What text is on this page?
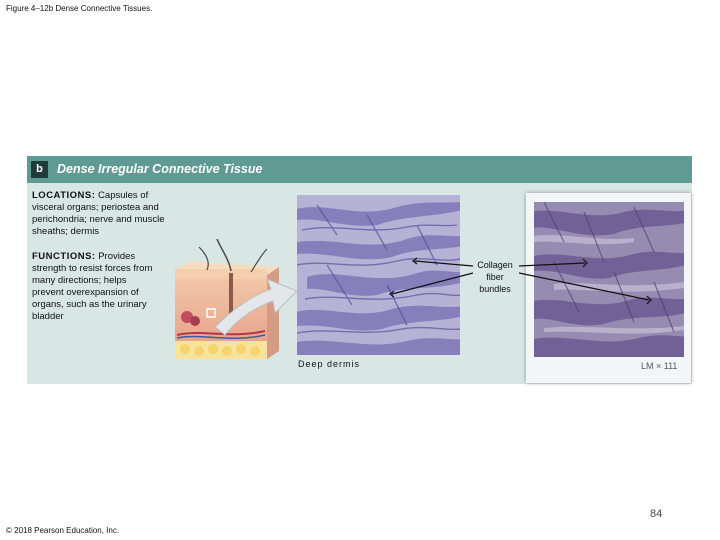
Figure 4–12b Dense Connective Tissues.
b	Dense Irregular Connective Tissue
LOCATIONS: Capsules of visceral organs; periostea and perichondria; nerve and muscle sheaths; dermis
FUNCTIONS: Provides strength to resist forces from many directions; helps prevent overexpansion of organs, such as the urinary bladder
Collagen fiber bundles
Deep dermis	LM × 111
84
© 2018 Pearson Education, Inc.
